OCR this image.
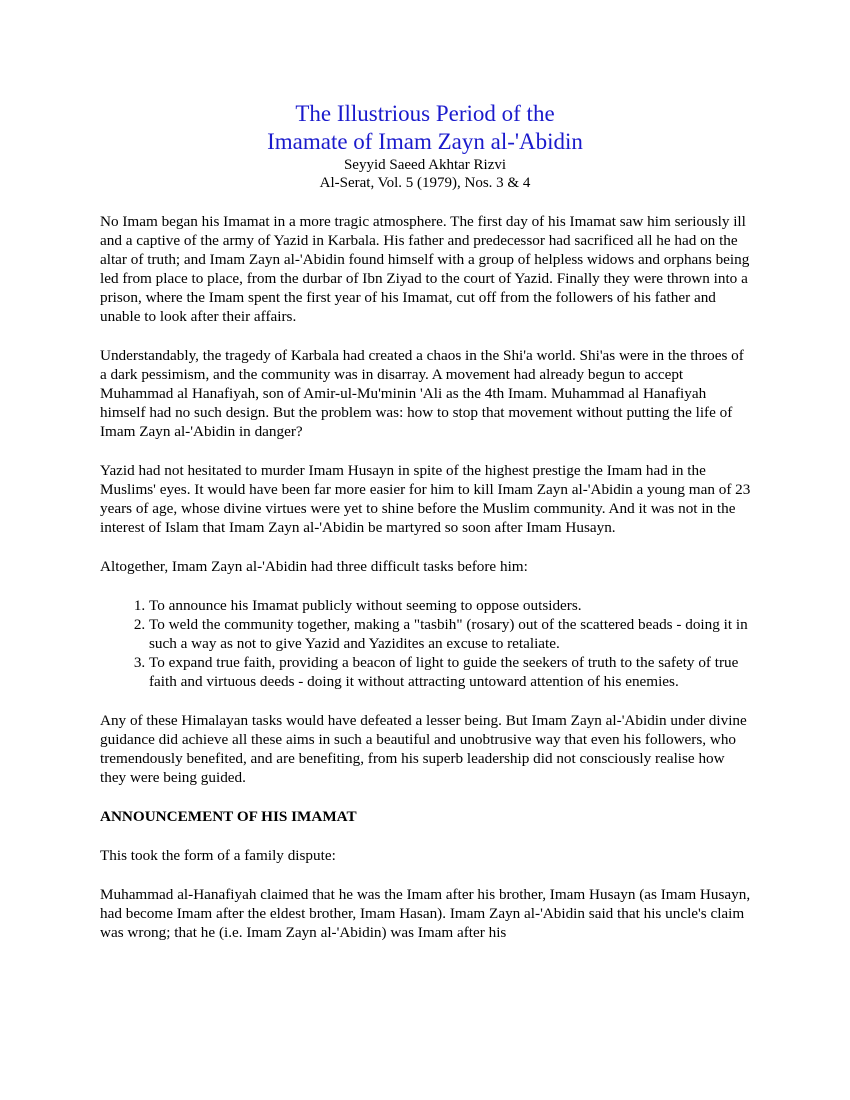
The Illustrious Period of the
Imamate of Imam Zayn al-'Abidin
Seyyid Saeed Akhtar Rizvi
Al-Serat, Vol. 5 (1979), Nos. 3 & 4

No Imam began his Imamat in a more tragic atmosphere. The first day of his Imamat saw him seriously ill and a captive of the army of Yazid in Karbala. His father and predecessor had sacrificed all he had on the altar of truth; and Imam Zayn al-'Abidin found himself with a group of helpless widows and orphans being led from place to place, from the durbar of Ibn Ziyad to the court of Yazid. Finally they were thrown into a prison, where the Imam spent the first year of his Imamat, cut off from the followers of his father and unable to look after their affairs.

Understandably, the tragedy of Karbala had created a chaos in the Shi'a world. Shi'as were in the throes of a dark pessimism, and the community was in disarray. A movement had already begun to accept Muhammad al Hanafiyah, son of Amir-ul-Mu'minin 'Ali as the 4th Imam. Muhammad al Hanafiyah himself had no such design. But the problem was: how to stop that movement without putting the life of Imam Zayn al-'Abidin in danger?

Yazid had not hesitated to murder Imam Husayn in spite of the highest prestige the Imam had in the Muslims' eyes. It would have been far more easier for him to kill Imam Zayn al-'Abidin a young man of 23 years of age, whose divine virtues were yet to shine before the Muslim community. And it was not in the interest of Islam that Imam Zayn al-'Abidin be martyred so soon after Imam Husayn.

Altogether, Imam Zayn al-'Abidin had three difficult tasks before him:

1. To announce his Imamat publicly without seeming to oppose outsiders.
2. To weld the community together, making a "tasbih" (rosary) out of the scattered beads - doing it in such a way as not to give Yazid and Yazidites an excuse to retaliate.
3. To expand true faith, providing a beacon of light to guide the seekers of truth to the safety of true faith and virtuous deeds - doing it without attracting untoward attention of his enemies.

Any of these Himalayan tasks would have defeated a lesser being. But Imam Zayn al-'Abidin under divine guidance did achieve all these aims in such a beautiful and unobtrusive way that even his followers, who tremendously benefited, and are benefiting, from his superb leadership did not consciously realise how they were being guided.

ANNOUNCEMENT OF HIS IMAMAT

This took the form of a family dispute:

Muhammad al-Hanafiyah claimed that he was the Imam after his brother, Imam Husayn (as Imam Husayn, had become Imam after the eldest brother, Imam Hasan). Imam Zayn al-'Abidin said that his uncle's claim was wrong; that he (i.e. Imam Zayn al-'Abidin) was Imam after his
